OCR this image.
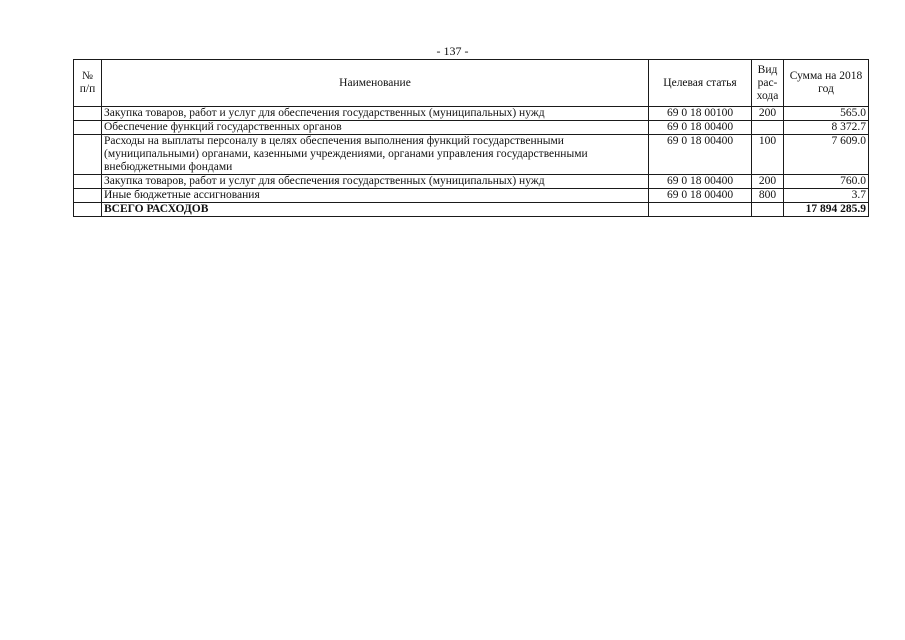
- 137 -
№ п/п	Наименование	Целевая статья	Вид рас-хода	Сумма на 2018 год
	Закупка товаров, работ и услуг для обеспечения государственных (муниципальных) нужд	69 0 18 00100	200	565.0
	Обеспечение функций государственных органов	69 0 18 00400		8 372.7
	Расходы на выплаты персоналу в целях обеспечения выполнения функций государственными (муниципальными) органами, казенными учреждениями, органами управления государственными внебюджетными фондами	69 0 18 00400	100	7 609.0
	Закупка товаров, работ и услуг для обеспечения государственных (муниципальных) нужд	69 0 18 00400	200	760.0
	Иные бюджетные ассигнования	69 0 18 00400	800	3.7
	ВСЕГО РАСХОДОВ			17 894 285.9
